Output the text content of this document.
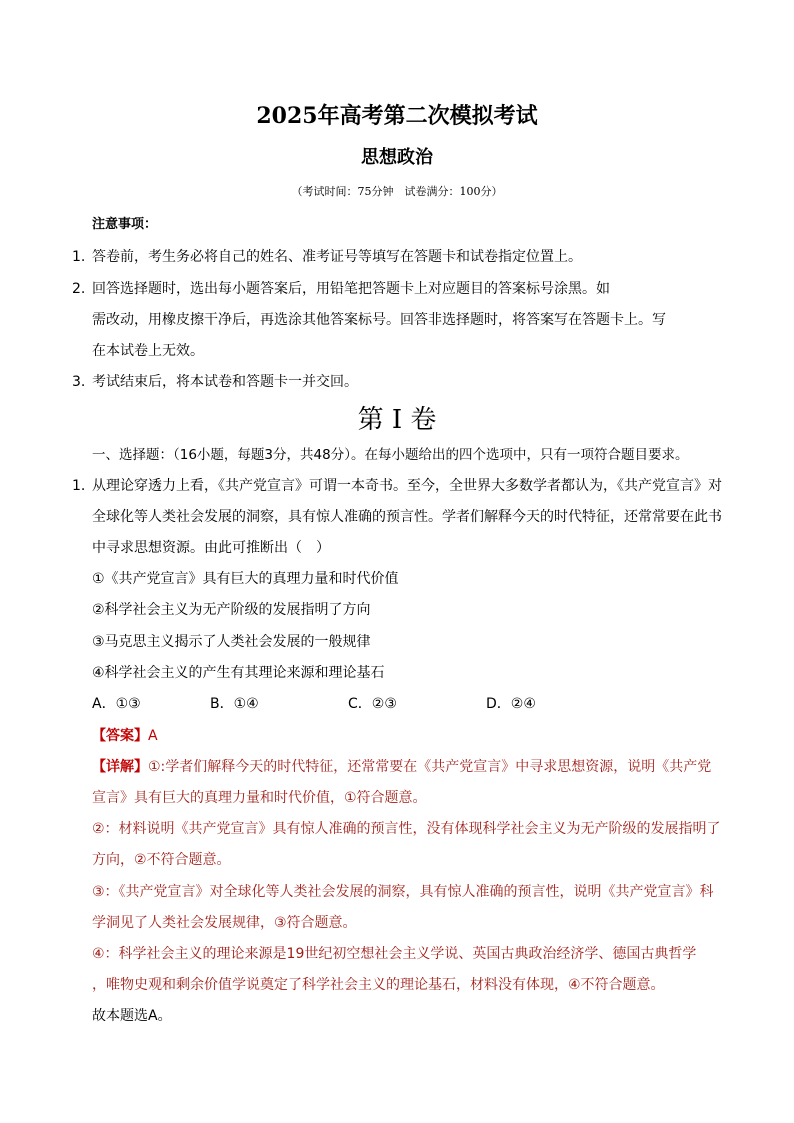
2025年高考第二次模拟考试
思想政治
（考试时间：75分钟　试卷满分：100分）
注意事项：
1. 答卷前，考生务必将自己的姓名、准考证号等填写在答题卡和试卷指定位置上。
2. 回答选择题时，选出每小题答案后，用铅笔把答题卡上对应题目的答案标号涂黑。如
需改动，用橡皮擦干净后，再选涂其他答案标号。回答非选择题时，将答案写在答题卡上。写
在本试卷上无效。
3. 考试结束后，将本试卷和答题卡一并交回。
第 I 卷
一、选择题：（16小题，每题3分，共48分）。在每小题给出的四个选项中，只有一项符合题目要求。
1. 从理论穿透力上看，《共产党宣言》可谓一本奇书。至今，全世界大多数学者都认为，《共产党宣言》对
全球化等人类社会发展的洞察，具有惊人准确的预言性。学者们解释今天的时代特征，还常常要在此书
中寻求思想资源。由此可推断出（　）
①《共产党宣言》具有巨大的真理力量和时代价值
②科学社会主义为无产阶级的发展指明了方向
③马克思主义揭示了人类社会发展的一般规律
④科学社会主义的产生有其理论来源和理论基石
A．①③	B．①④	C．②③	D．②④
【答案】A
【详解】①:学者们解释今天的时代特征，还常常要在《共产党宣言》中寻求思想资源，说明《共产党
宣言》具有巨大的真理力量和时代价值，①符合题意。
②：材料说明《共产党宣言》具有惊人准确的预言性，没有体现科学社会主义为无产阶级的发展指明了
方向，②不符合题意。
③：《共产党宣言》对全球化等人类社会发展的洞察，具有惊人准确的预言性，说明《共产党宣言》科
学洞见了人类社会发展规律，③符合题意。
④：科学社会主义的理论来源是19世纪初空想社会主义学说、英国古典政治经济学、德国古典哲学
，唯物史观和剩余价值学说奠定了科学社会主义的理论基石，材料没有体现，④不符合题意。
故本题选A。
